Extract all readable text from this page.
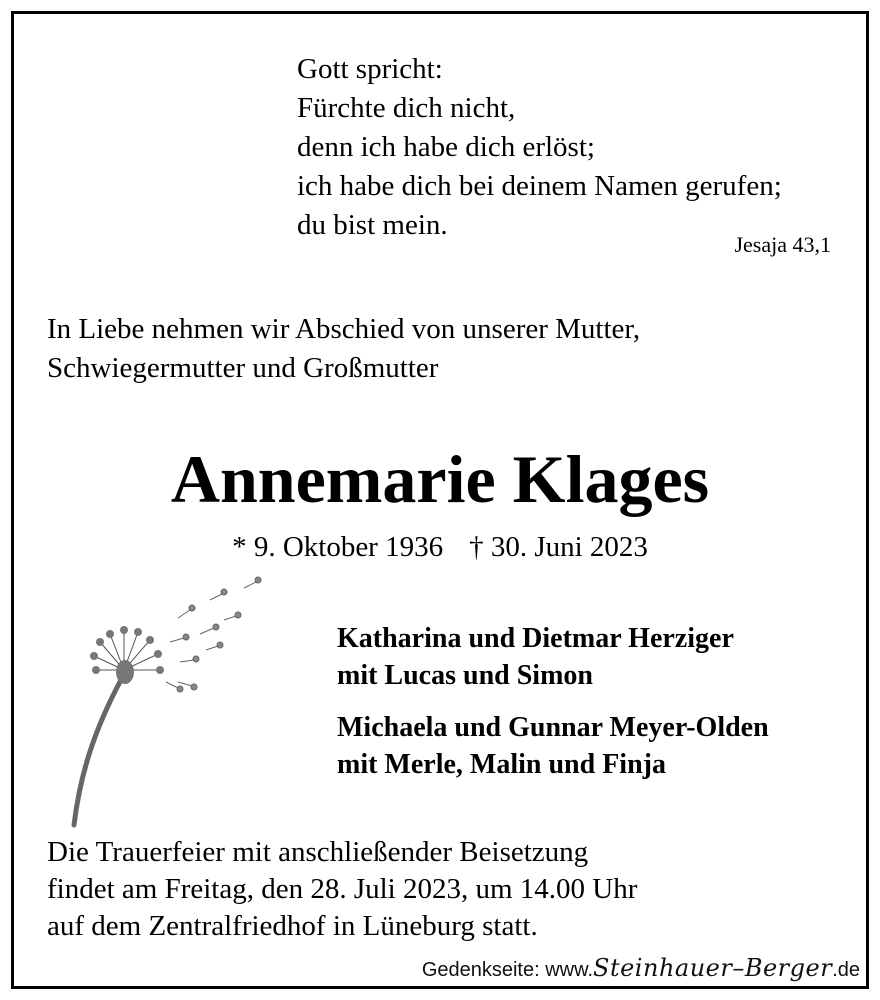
Gott spricht:
Fürchte dich nicht,
denn ich habe dich erlöst;
ich habe dich bei deinem Namen gerufen;
du bist mein.
Jesaja 43,1
In Liebe nehmen wir Abschied von unserer Mutter,
Schwiegermutter und Großmutter
Annemarie Klages
* 9. Oktober 1936 † 30. Juni 2023
Katharina und Dietmar Herziger
mit Lucas und Simon
Michaela und Gunnar Meyer-Olden
mit Merle, Malin und Finja
Die Trauerfeier mit anschließender Beisetzung
findet am Freitag, den 28. Juli 2023, um 14.00 Uhr
auf dem Zentralfriedhof in Lüneburg statt.
Gedenkseite: www.Steinhauer–Berger.de
